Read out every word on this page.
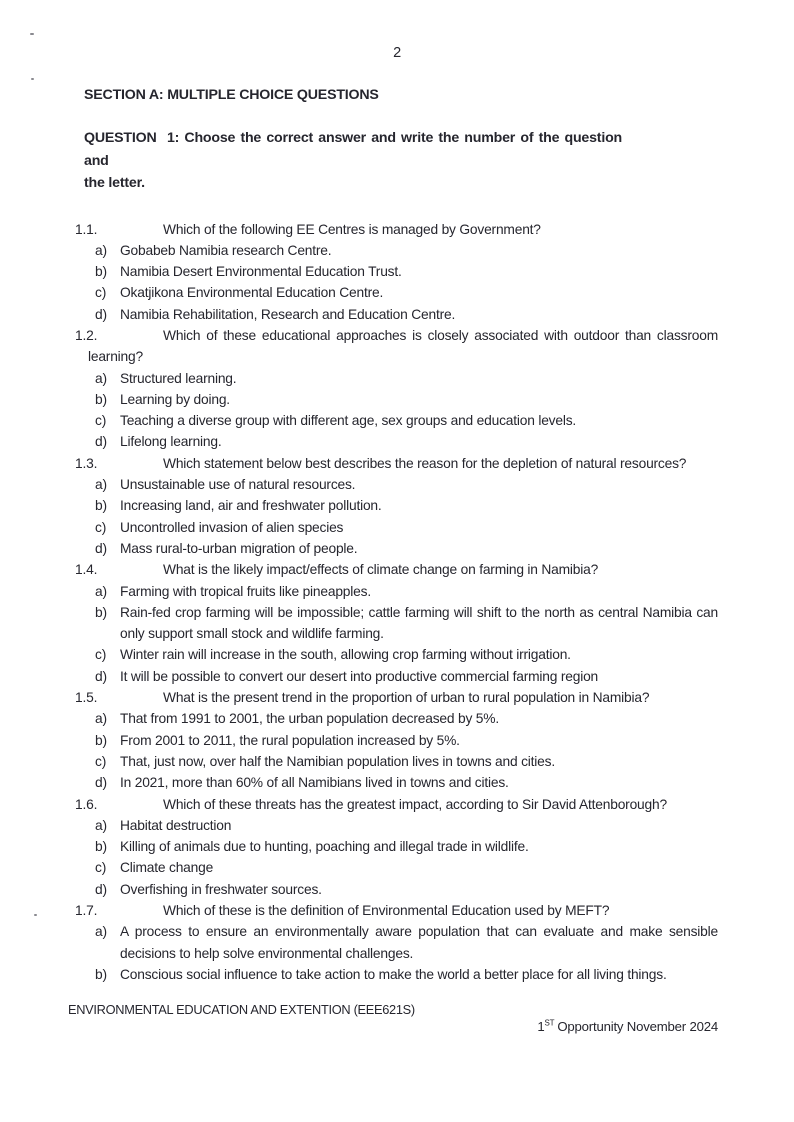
2
SECTION A: MULTIPLE CHOICE QUESTIONS
QUESTION  1: Choose the correct answer and write the number of the question and
the letter.
1.1.	Which of the following EE Centres is managed by Government?
a) Gobabeb Namibia research Centre.
b) Namibia Desert Environmental Education Trust.
c) Okatjikona Environmental Education Centre.
d) Namibia Rehabilitation, Research and Education Centre.
1.2.	Which of these educational approaches is closely associated with outdoor than classroom learning?
a) Structured learning.
b) Learning by doing.
c) Teaching a diverse group with different age, sex groups and education levels.
d) Lifelong learning.
1.3.	Which statement below best describes the reason for the depletion of natural resources?
a) Unsustainable use of natural resources.
b) Increasing land, air and freshwater pollution.
c) Uncontrolled invasion of alien species
d) Mass rural-to-urban migration of people.
1.4.	What is the likely impact/effects of climate change on farming in Namibia?
a) Farming with tropical fruits like pineapples.
b) Rain-fed crop farming will be impossible; cattle farming will shift to the north as central Namibia can only support small stock and wildlife farming.
c) Winter rain will increase in the south, allowing crop farming without irrigation.
d) It will be possible to convert our desert into productive commercial farming region
1.5.	What is the present trend in the proportion of urban to rural population in Namibia?
a) That from 1991 to 2001, the urban population decreased by 5%.
b) From 2001 to 2011, the rural population increased by 5%.
c) That, just now, over half the Namibian population lives in towns and cities.
d) In 2021, more than 60% of all Namibians lived in towns and cities.
1.6.	Which of these threats has the greatest impact, according to Sir David Attenborough?
a) Habitat destruction
b) Killing of animals due to hunting, poaching and illegal trade in wildlife.
c) Climate change
d) Overfishing in freshwater sources.
1.7.	Which of these is the definition of Environmental Education used by MEFT?
a) A process to ensure an environmentally aware population that can evaluate and make sensible decisions to help solve environmental challenges.
b) Conscious social influence to take action to make the world a better place for all living things.
ENVIRONMENTAL EDUCATION AND EXTENTION (EEE621S)
1ST Opportunity November 2024
